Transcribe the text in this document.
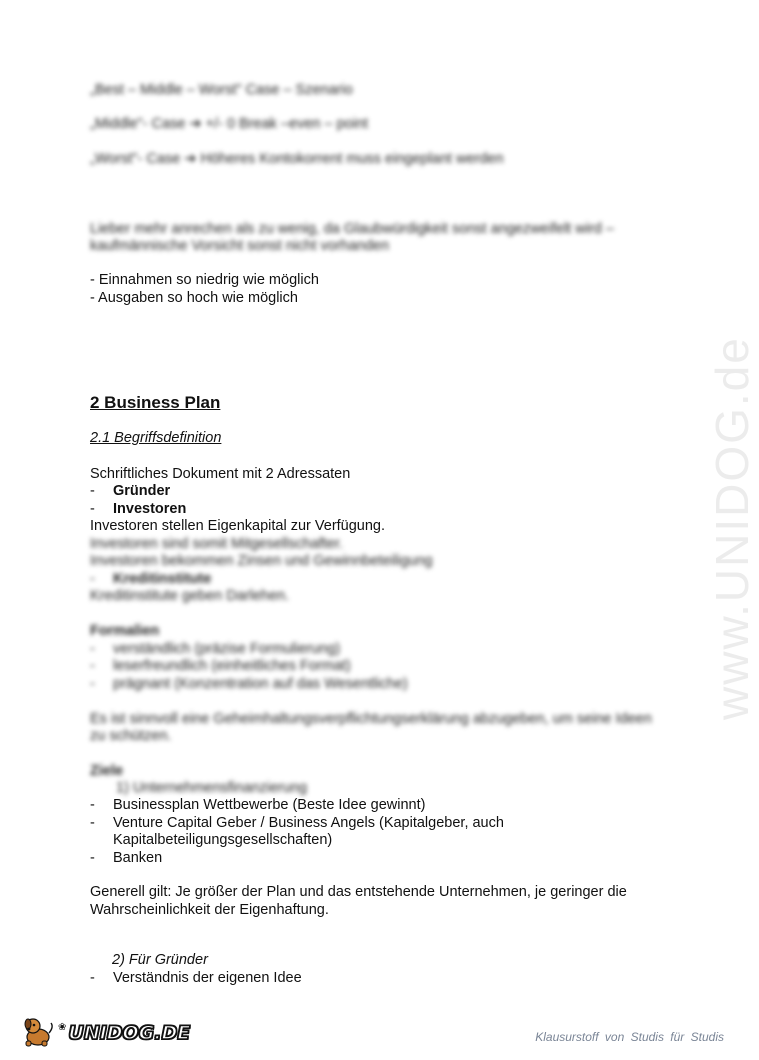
„Best – Middle – Worst" Case – Szenario
„Middle"- Case ➔ +/- 0 Break –even – point
„Worst"- Case ➔ Höheres Kontokorrent muss eingeplant werden
Lieber mehr anrechen als zu wenig, da Glaubwürdigkeit sonst angezweifelt wird –
kaufmännische Vorsicht sonst nicht vorhanden
- Einnahmen so niedrig wie möglich
- Ausgaben so hoch wie möglich
www.UNIDOG.de
2 Business Plan
2.1 Begriffsdefinition
Schriftliches Dokument mit 2 Adressaten
- Gründer
- Investoren
Investoren stellen Eigenkapital zur Verfügung.
Investoren sind somit Mitgesellschafter.
Investoren bekommen Zinsen und Gewinnbeteiligung
- Kreditinstitute
Kreditinstitute geben Darlehen.
Formalien
- verständlich (präzise Formulierung)
- leserfreundlich (einheitliches Format)
- prägnant (Konzentration auf das Wesentliche)
Es ist sinnvoll eine Geheimhaltungsverpflichtungserklärung abzugeben, um seine Ideen
zu schützen.
Ziele
1) Unternehmensfinanzierung
- Businessplan Wettbewerbe (Beste Idee gewinnt)
- Venture Capital Geber / Business Angels (Kapitalgeber, auch
Kapitalbeteiligungsgesellschaften)
- Banken
Generell gilt: Je größer der Plan und das entstehende Unternehmen, je geringer die
Wahrscheinlichkeit der Eigenhaftung.
2) Für Gründer
- Verständnis der eigenen Idee
❀ UNIDOG.DE	Klausurstoff von Studis für Studis
